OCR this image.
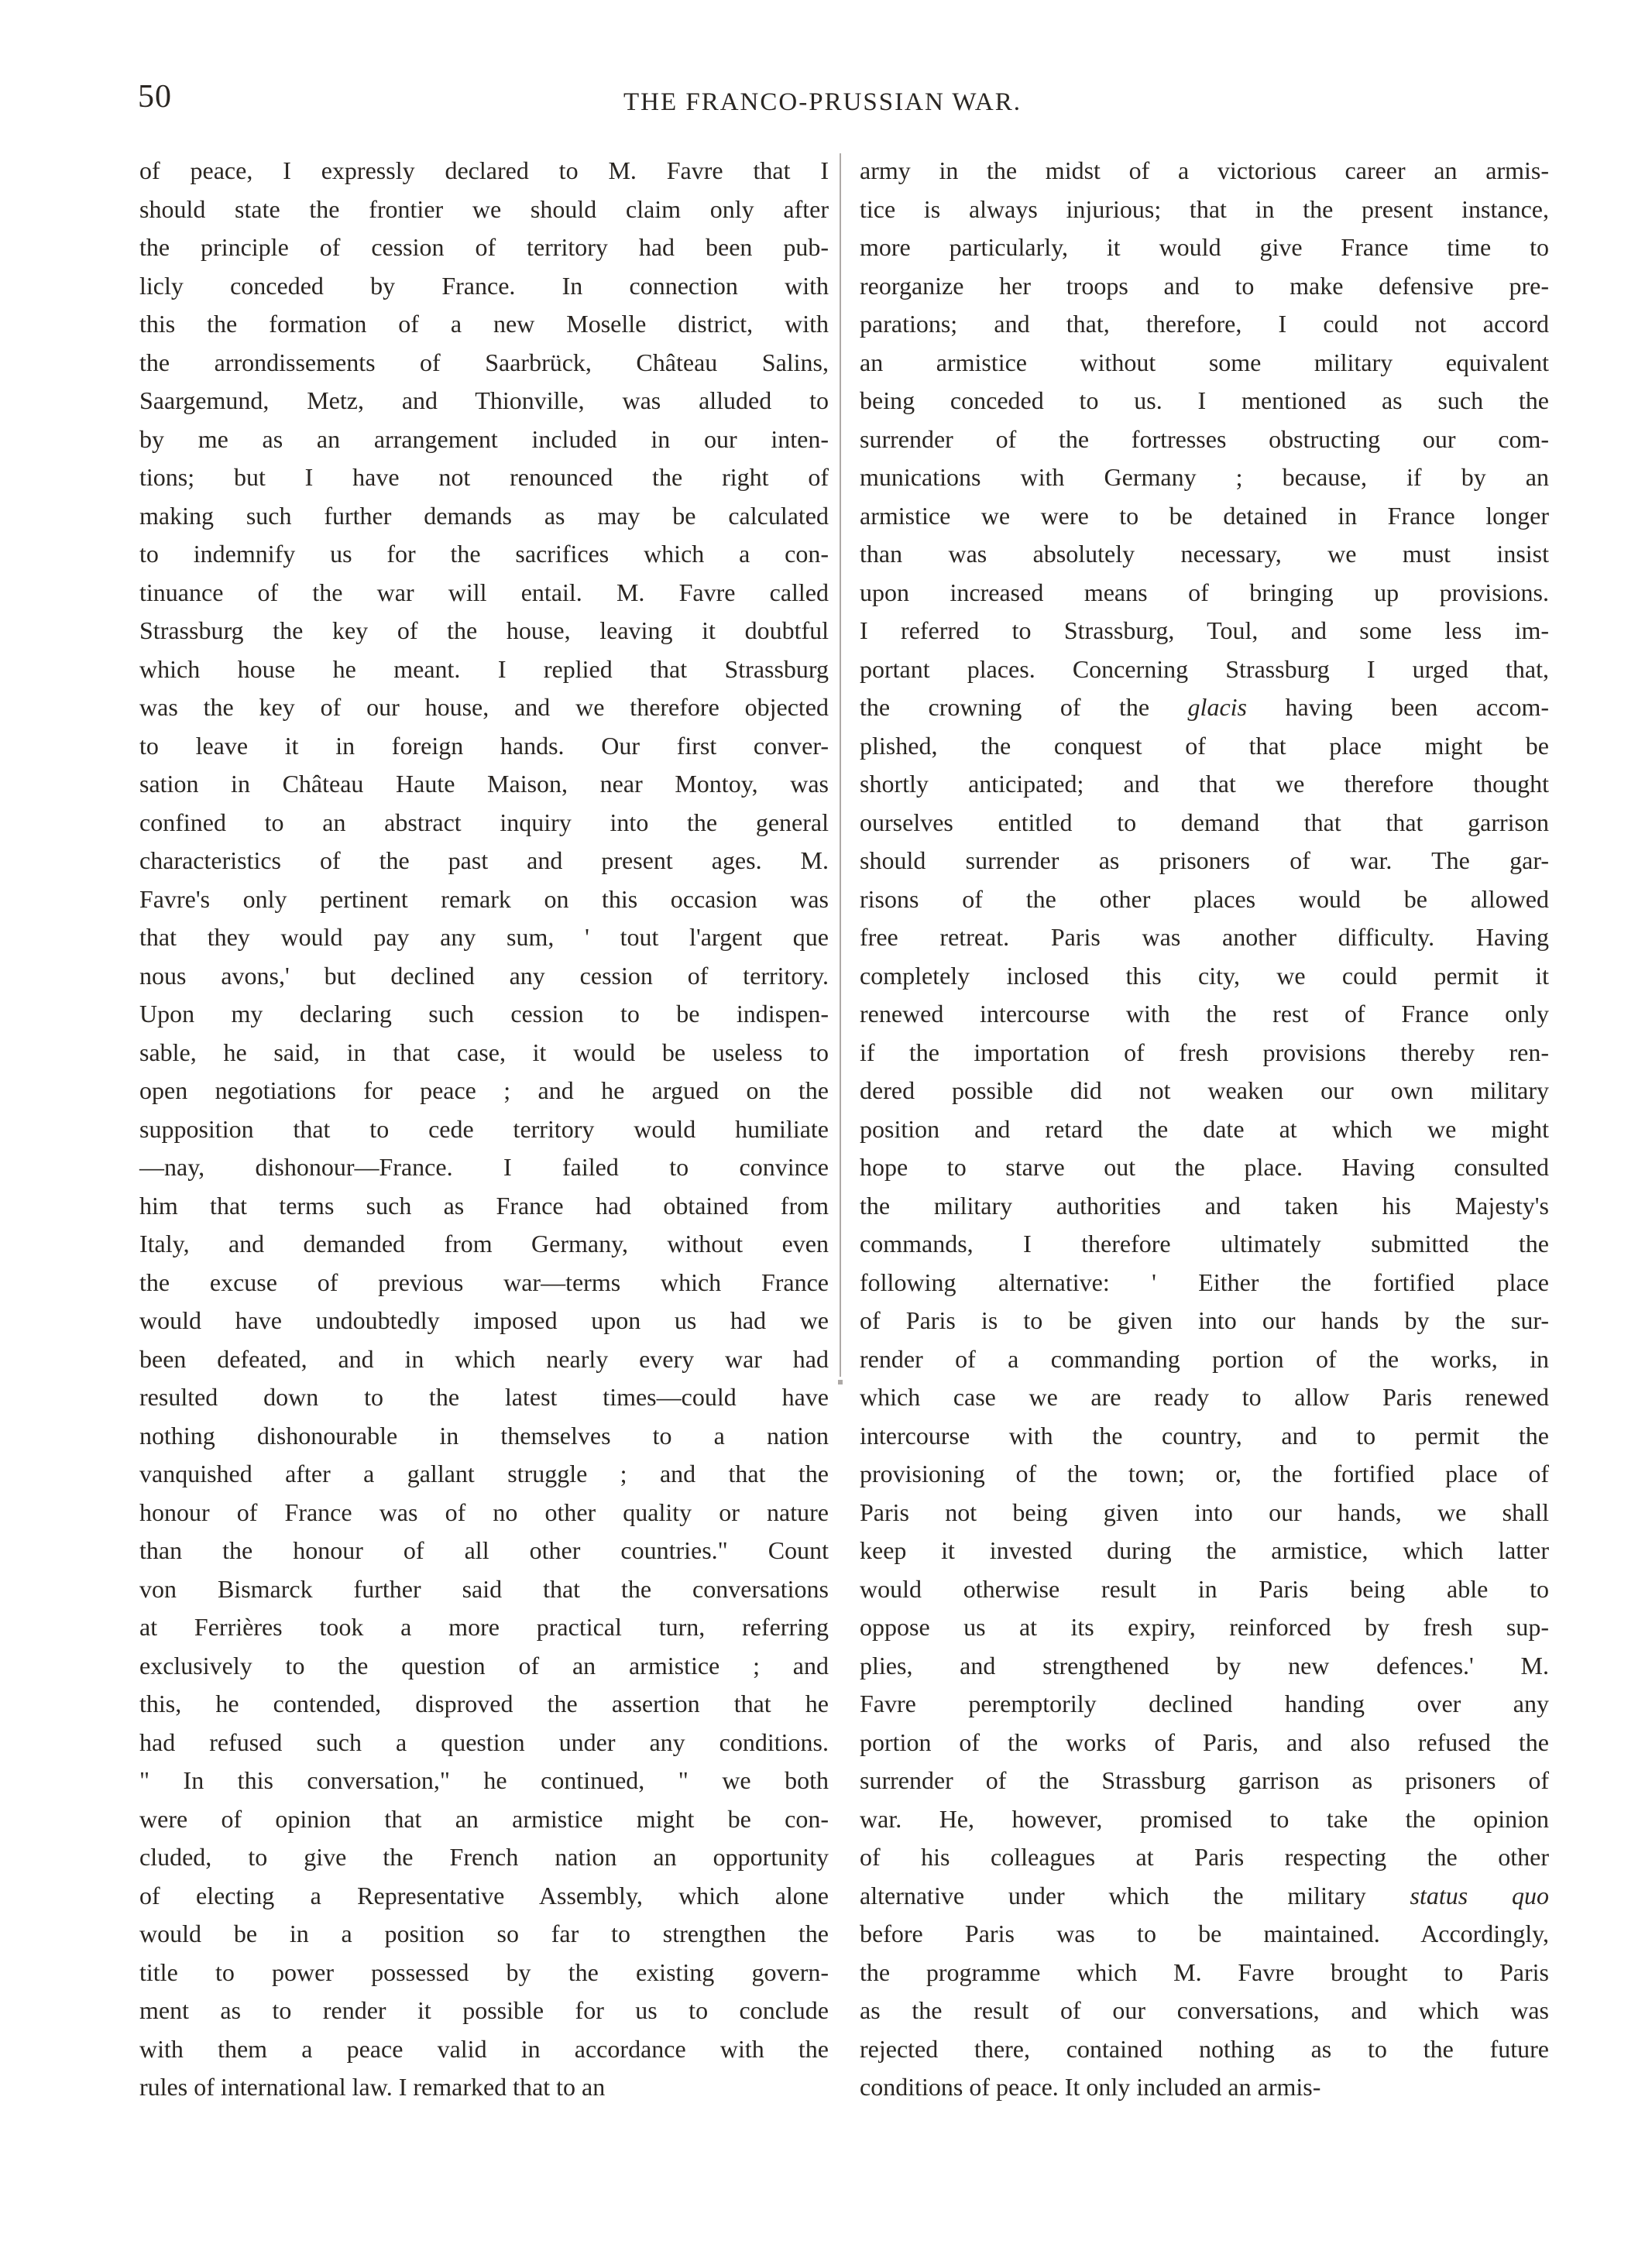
50	THE FRANCO-PRUSSIAN WAR.
of peace, I expressly declared to M. Favre that I
should state the frontier we should claim only after
the principle of cession of territory had been pub-
licly conceded by France. In connection with
this the formation of a new Moselle district, with
the arrondissements of Saarbrück, Château Salins,
Saargemund, Metz, and Thionville, was alluded to
by me as an arrangement included in our inten-
tions; but I have not renounced the right of
making such further demands as may be calculated
to indemnify us for the sacrifices which a con-
tinuance of the war will entail. M. Favre called
Strassburg the key of the house, leaving it doubtful
which house he meant. I replied that Strassburg
was the key of our house, and we therefore objected
to leave it in foreign hands. Our first conver-
sation in Château Haute Maison, near Montoy, was
confined to an abstract inquiry into the general
characteristics of the past and present ages. M.
Favre's only pertinent remark on this occasion was
that they would pay any sum, ' tout l'argent que
nous avons,' but declined any cession of territory.
Upon my declaring such cession to be indispen-
sable, he said, in that case, it would be useless to
open negotiations for peace ; and he argued on the
supposition that to cede territory would humiliate
—nay, dishonour—France. I failed to convince
him that terms such as France had obtained from
Italy, and demanded from Germany, without even
the excuse of previous war—terms which France
would have undoubtedly imposed upon us had we
been defeated, and in which nearly every war had
resulted down to the latest times—could have
nothing dishonourable in themselves to a nation
vanquished after a gallant struggle ; and that the
honour of France was of no other quality or nature
than the honour of all other countries." Count
von Bismarck further said that the conversations
at Ferrières took a more practical turn, referring
exclusively to the question of an armistice ; and
this, he contended, disproved the assertion that he
had refused such a question under any conditions.
" In this conversation," he continued, " we both
were of opinion that an armistice might be con-
cluded, to give the French nation an opportunity
of electing a Representative Assembly, which alone
would be in a position so far to strengthen the
title to power possessed by the existing govern-
ment as to render it possible for us to conclude
with them a peace valid in accordance with the
rules of international law. I remarked that to an
army in the midst of a victorious career an armis-
tice is always injurious; that in the present instance,
more particularly, it would give France time to
reorganize her troops and to make defensive pre-
parations; and that, therefore, I could not accord
an armistice without some military equivalent
being conceded to us. I mentioned as such the
surrender of the fortresses obstructing our com-
munications with Germany ; because, if by an
armistice we were to be detained in France longer
than was absolutely necessary, we must insist
upon increased means of bringing up provisions.
I referred to Strassburg, Toul, and some less im-
portant places. Concerning Strassburg I urged that,
the crowning of the glacis having been accom-
plished, the conquest of that place might be
shortly anticipated; and that we therefore thought
ourselves entitled to demand that that garrison
should surrender as prisoners of war. The gar-
risons of the other places would be allowed
free retreat. Paris was another difficulty. Having
completely inclosed this city, we could permit it
renewed intercourse with the rest of France only
if the importation of fresh provisions thereby ren-
dered possible did not weaken our own military
position and retard the date at which we might
hope to starve out the place. Having consulted
the military authorities and taken his Majesty's
commands, I therefore ultimately submitted the
following alternative: ' Either the fortified place
of Paris is to be given into our hands by the sur-
render of a commanding portion of the works, in
which case we are ready to allow Paris renewed
intercourse with the country, and to permit the
provisioning of the town; or, the fortified place of
Paris not being given into our hands, we shall
keep it invested during the armistice, which latter
would otherwise result in Paris being able to
oppose us at its expiry, reinforced by fresh sup-
plies, and strengthened by new defences.' M.
Favre peremptorily declined handing over any
portion of the works of Paris, and also refused the
surrender of the Strassburg garrison as prisoners of
war. He, however, promised to take the opinion
of his colleagues at Paris respecting the other
alternative under which the military status quo
before Paris was to be maintained. Accordingly,
the programme which M. Favre brought to Paris
as the result of our conversations, and which was
rejected there, contained nothing as to the future
conditions of peace. It only included an armis-
